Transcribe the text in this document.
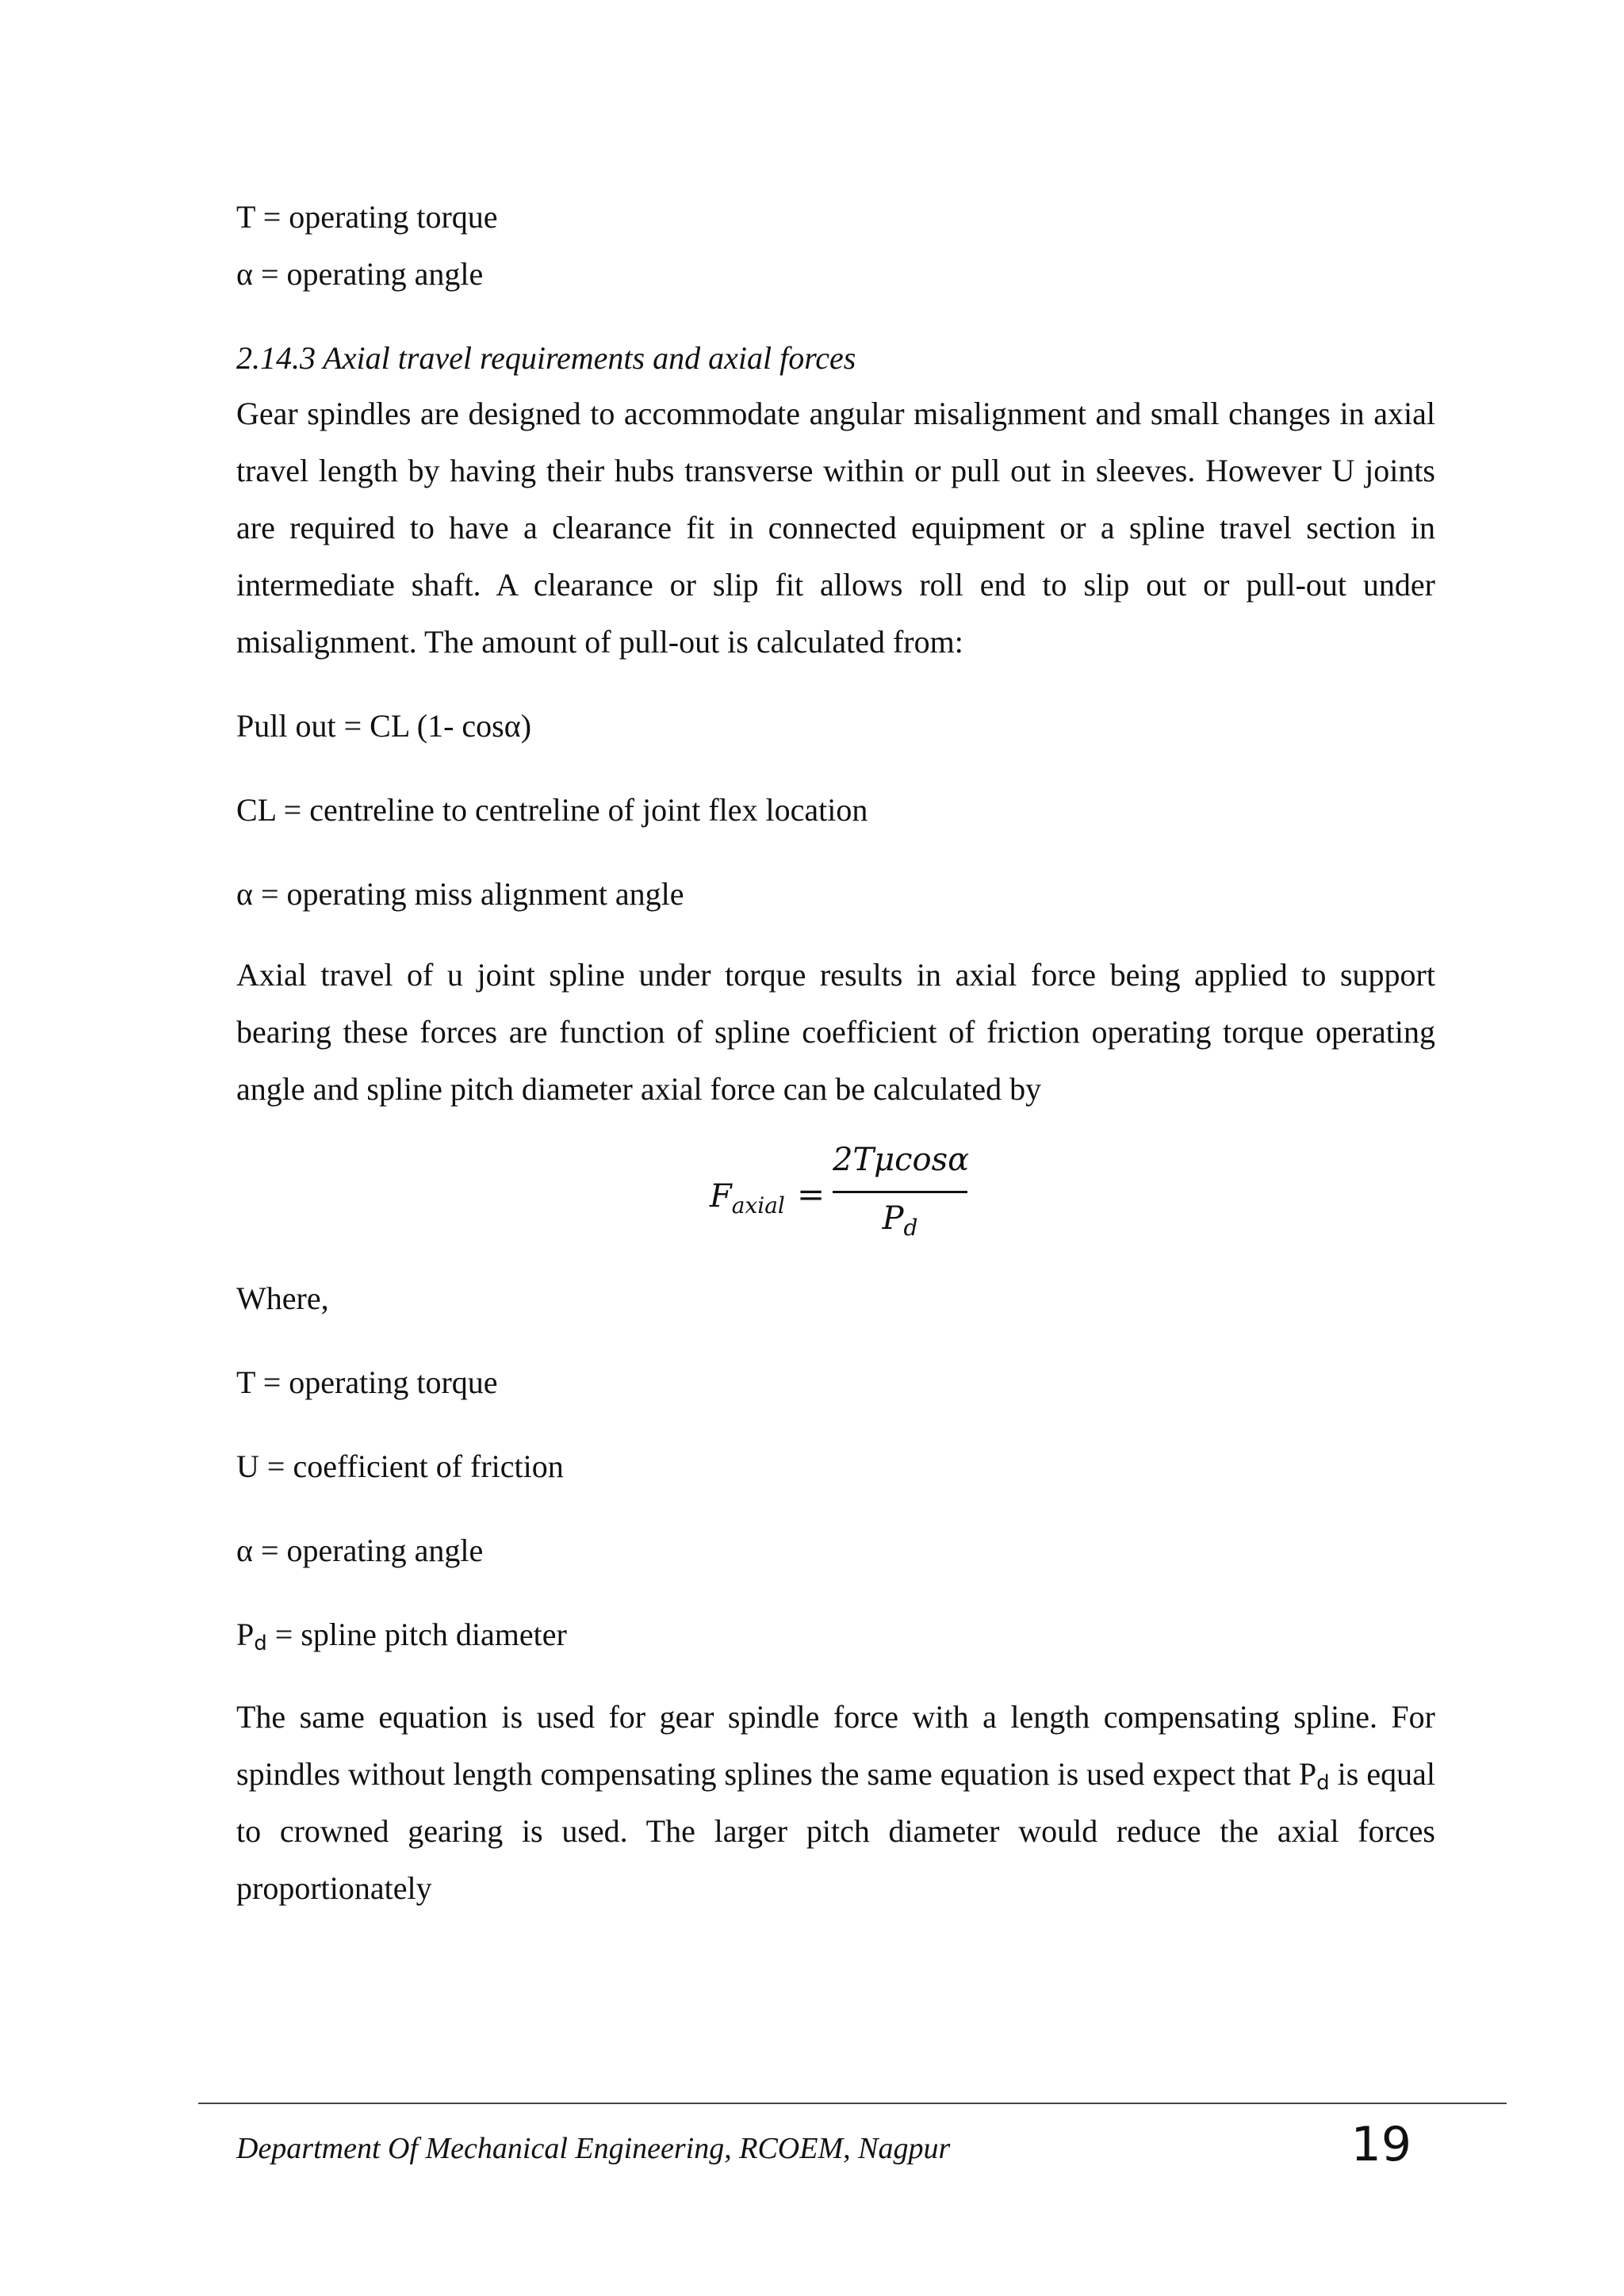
T = operating torque
α = operating angle
2.14.3 Axial travel requirements and axial forces
Gear spindles are designed to accommodate angular misalignment and small changes in axial travel length by having their hubs transverse within or pull out in sleeves. However U joints are required to have a clearance fit in connected equipment or a spline travel section in intermediate shaft. A clearance or slip fit allows roll end to slip out or pull-out under misalignment. The amount of pull-out is calculated from:
Pull out = CL (1- cosα)
CL = centreline to centreline of joint flex location
α = operating miss alignment angle
Axial travel of u joint spline under torque results in axial force being applied to support bearing these forces are function of spline coefficient of friction operating torque operating angle and spline pitch diameter axial force can be calculated by
$F_{axial}$ =
2Tμcosα
$P_d$
Where,
T = operating torque
U = coefficient of friction
α = operating angle
$P_d$ = spline pitch diameter
The same equation is used for gear spindle force with a length compensating spline. For spindles without length compensating splines the same equation is used expect that $P_d$ is equal to crowned gearing is used. The larger pitch diameter would reduce the axial forces proportionately
Department Of Mechanical Engineering, RCOEM, Nagpur	19
